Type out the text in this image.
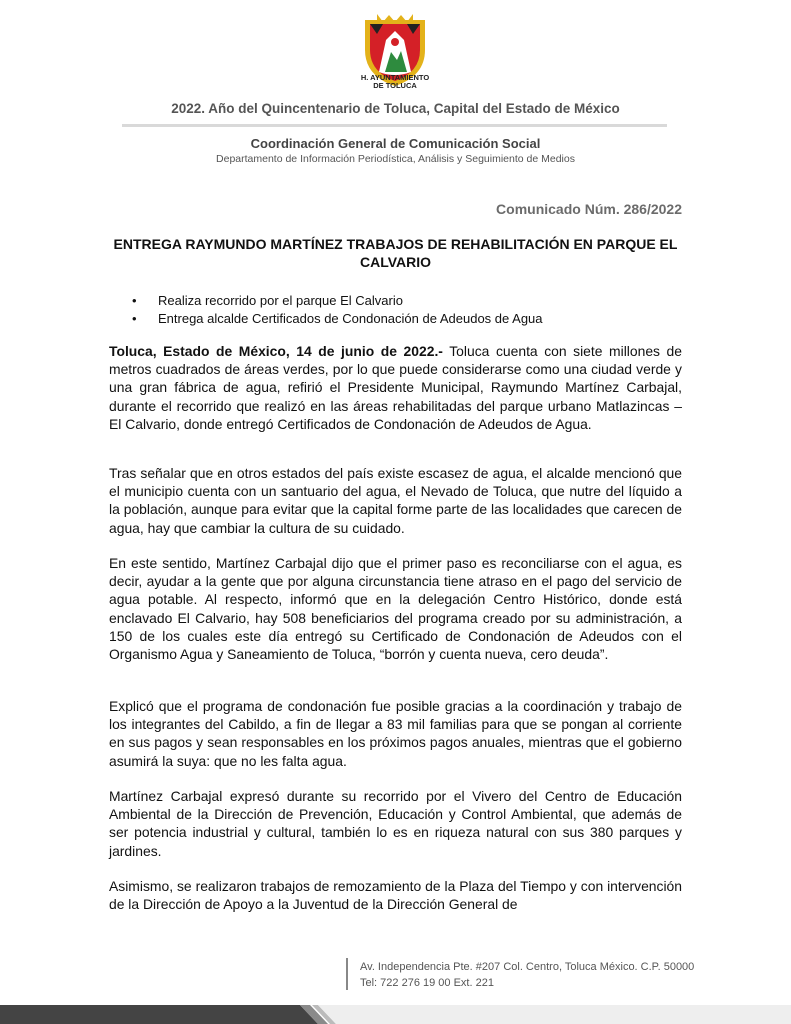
H. AYUNTAMIENTO
DE TOLUCA
2022. Año del Quincentenario de Toluca, Capital del Estado de México
Coordinación General de Comunicación Social
Departamento de Información Periodística, Análisis y Seguimiento de Medios
Comunicado Núm. 286/2022
ENTREGA RAYMUNDO MARTÍNEZ TRABAJOS DE REHABILITACIÓN EN PARQUE EL CALVARIO
•	Realiza recorrido por el parque El Calvario
•	Entrega alcalde Certificados de Condonación de Adeudos de Agua

Toluca, Estado de México, 14 de junio de 2022.- Toluca cuenta con siete millones de metros cuadrados de áreas verdes, por lo que puede considerarse como una ciudad verde y una gran fábrica de agua, refirió el Presidente Municipal, Raymundo Martínez Carbajal, durante el recorrido que realizó en las áreas rehabilitadas del parque urbano Matlazincas – El Calvario, donde entregó Certificados de Condonación de Adeudos de Agua.

Tras señalar que en otros estados del país existe escasez de agua, el alcalde mencionó que el municipio cuenta con un santuario del agua, el Nevado de Toluca, que nutre del líquido a la población, aunque para evitar que la capital forme parte de las localidades que carecen de agua, hay que cambiar la cultura de su cuidado.

En este sentido, Martínez Carbajal dijo que el primer paso es reconciliarse con el agua, es decir, ayudar a la gente que por alguna circunstancia tiene atraso en el pago del servicio de agua potable. Al respecto, informó que en la delegación Centro Histórico, donde está enclavado El Calvario, hay 508 beneficiarios del programa creado por su administración, a 150 de los cuales este día entregó su Certificado de Condonación de Adeudos con el Organismo Agua y Saneamiento de Toluca, “borrón y cuenta nueva, cero deuda”.

Explicó que el programa de condonación fue posible gracias a la coordinación y trabajo de los integrantes del Cabildo, a fin de llegar a 83 mil familias para que se pongan al corriente en sus pagos y sean responsables en los próximos pagos anuales, mientras que el gobierno asumirá la suya: que no les falta agua.

Martínez Carbajal expresó durante su recorrido por el Vivero del Centro de Educación Ambiental de la Dirección de Prevención, Educación y Control Ambiental, que además de ser potencia industrial y cultural, también lo es en riqueza natural con sus 380 parques y jardines.

Asimismo, se realizaron trabajos de remozamiento de la Plaza del Tiempo y con intervención de la Dirección de Apoyo a la Juventud de la Dirección General de

Av. Independencia Pte. #207 Col. Centro, Toluca México. C.P. 50000
Tel: 722 276 19 00 Ext. 221
